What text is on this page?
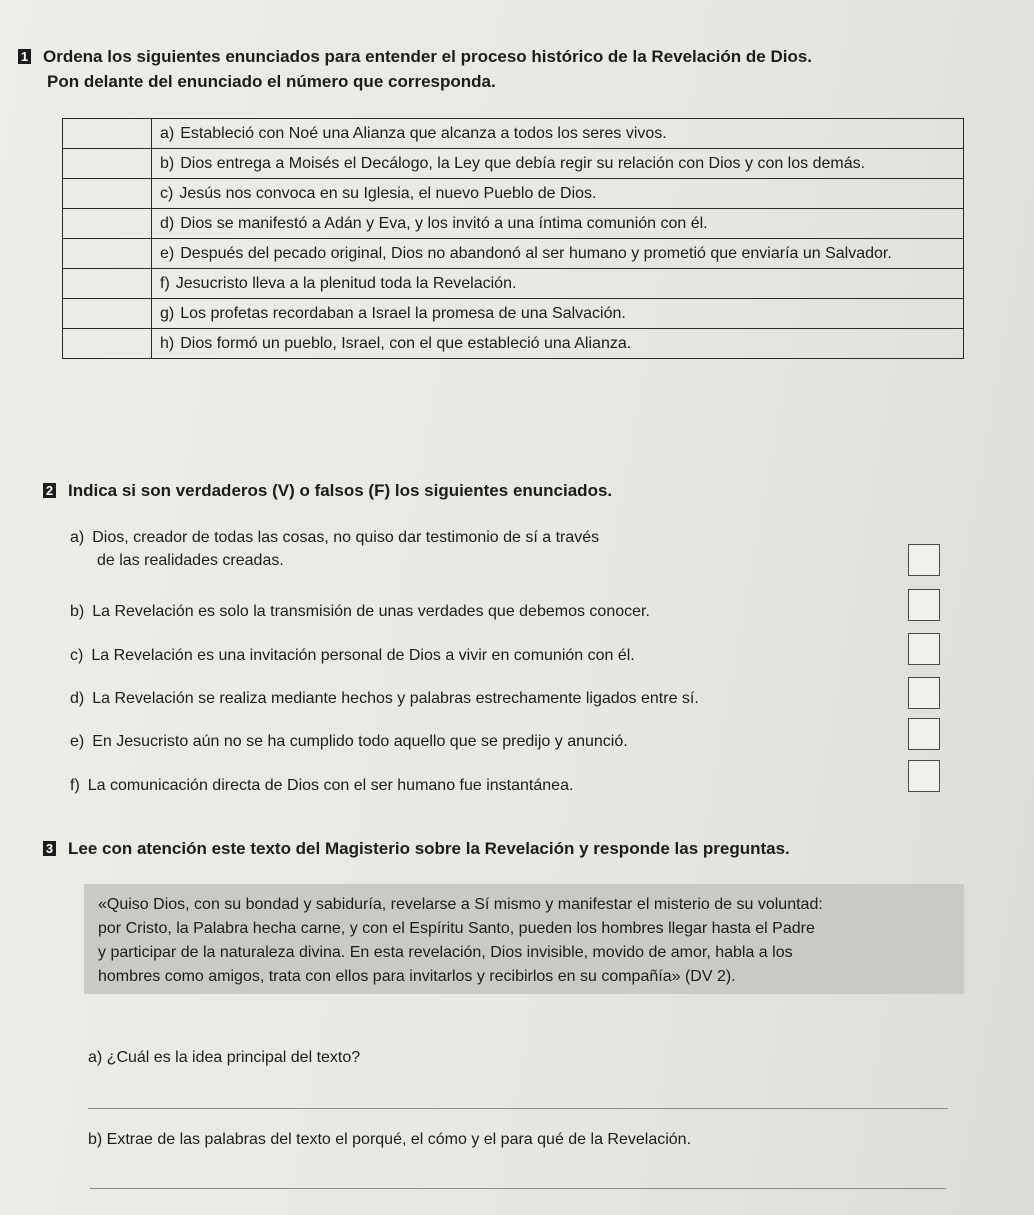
1 Ordena los siguientes enunciados para entender el proceso histórico de la Revelación de Dios.
Pon delante del enunciado el número que corresponda.
	a) Estableció con Noé una Alianza que alcanza a todos los seres vivos.
	b) Dios entrega a Moisés el Decálogo, la Ley que debía regir su relación con Dios y con los demás.
	c) Jesús nos convoca en su Iglesia, el nuevo Pueblo de Dios.
	d) Dios se manifestó a Adán y Eva, y los invitó a una íntima comunión con él.
	e) Después del pecado original, Dios no abandonó al ser humano y prometió que enviaría un Salvador.
	f) Jesucristo lleva a la plenitud toda la Revelación.
	g) Los profetas recordaban a Israel la promesa de una Salvación.
	h) Dios formó un pueblo, Israel, con el que estableció una Alianza.
2 Indica si son verdaderos (V) o falsos (F) los siguientes enunciados.
a) Dios, creador de todas las cosas, no quiso dar testimonio de sí a través
de las realidades creadas.
b) La Revelación es solo la transmisión de unas verdades que debemos conocer.
c) La Revelación es una invitación personal de Dios a vivir en comunión con él.
d) La Revelación se realiza mediante hechos y palabras estrechamente ligados entre sí.
e) En Jesucristo aún no se ha cumplido todo aquello que se predijo y anunció.
f) La comunicación directa de Dios con el ser humano fue instantánea.
3 Lee con atención este texto del Magisterio sobre la Revelación y responde las preguntas.
«Quiso Dios, con su bondad y sabiduría, revelarse a Sí mismo y manifestar el misterio de su voluntad:
por Cristo, la Palabra hecha carne, y con el Espíritu Santo, pueden los hombres llegar hasta el Padre
y participar de la naturaleza divina. En esta revelación, Dios invisible, movido de amor, habla a los
hombres como amigos, trata con ellos para invitarlos y recibirlos en su compañía» (DV 2).
a) ¿Cuál es la idea principal del texto?
b) Extrae de las palabras del texto el porqué, el cómo y el para qué de la Revelación.
